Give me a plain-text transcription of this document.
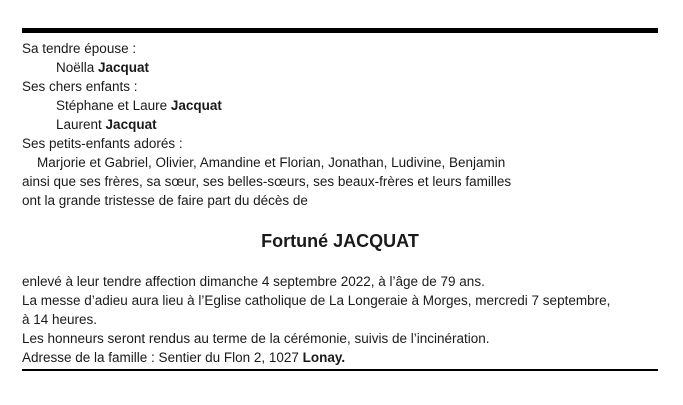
Sa tendre épouse :
Noëlla Jacquat
Ses chers enfants :
Stéphane et Laure Jacquat
Laurent Jacquat
Ses petits-enfants adorés :
Marjorie et Gabriel, Olivier, Amandine et Florian, Jonathan, Ludivine, Benjamin
ainsi que ses frères, sa sœur, ses belles-sœurs, ses beaux-frères et leurs familles
ont la grande tristesse de faire part du décès de
Fortuné JACQUAT
enlevé à leur tendre affection dimanche 4 septembre 2022, à l’âge de 79 ans.
La messe d’adieu aura lieu à l’Eglise catholique de La Longeraie à Morges, mercredi 7 septembre,
à 14 heures.
Les honneurs seront rendus au terme de la cérémonie, suivis de l’incinération.
Adresse de la famille : Sentier du Flon 2, 1027 Lonay.
